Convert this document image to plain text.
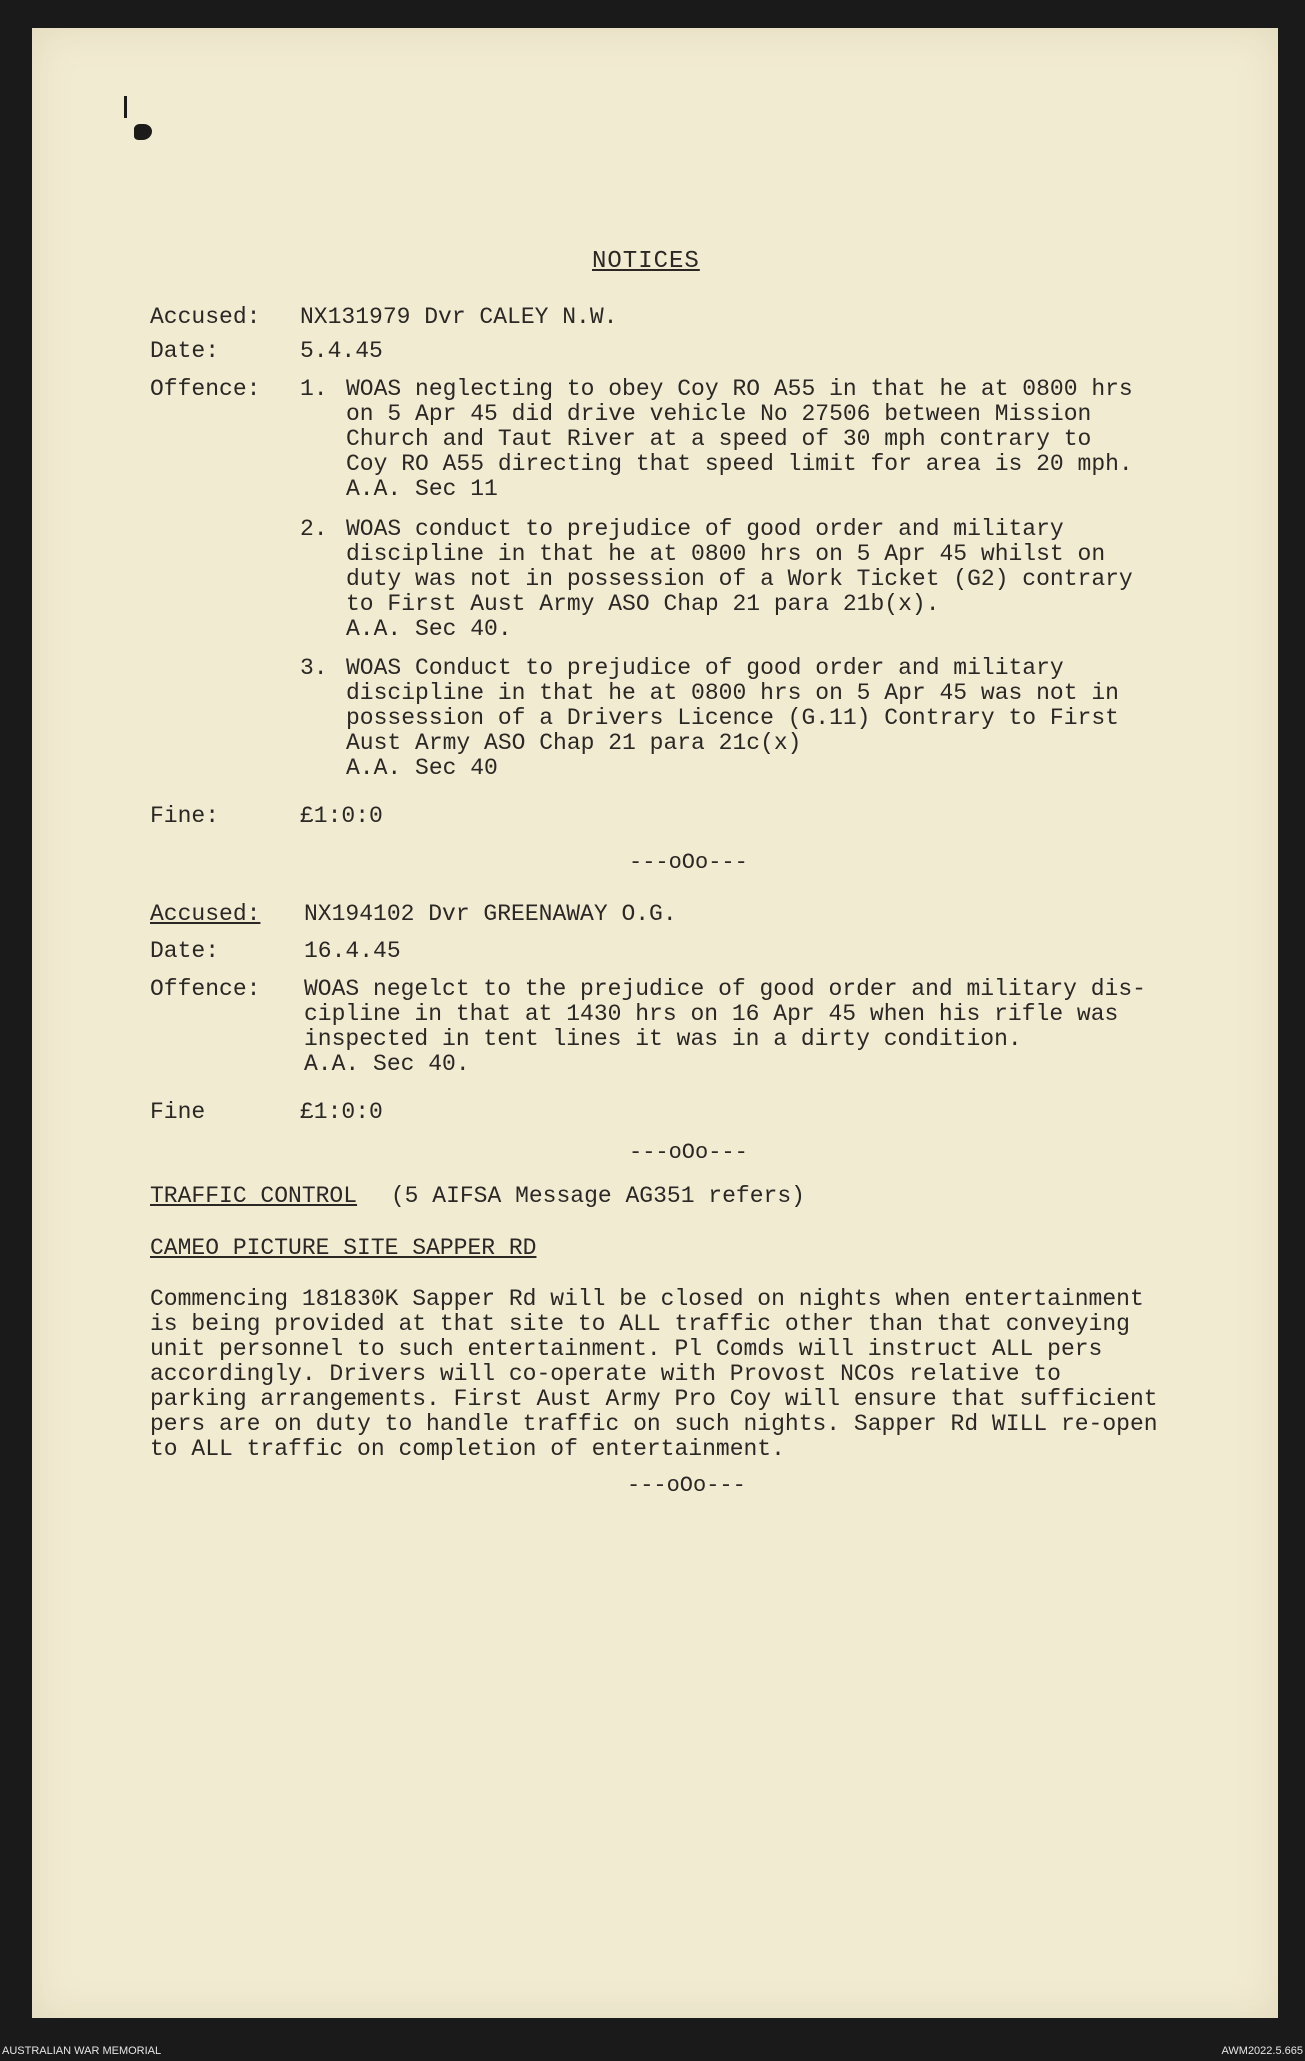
NOTICES
Accused: NX131979 Dvr CALEY N.W.
Date:	5.4.45
Offence: 1. WOAS neglecting to obey Coy RO A55 in that he at 0800 hrs
on 5 Apr 45 did drive vehicle No 27506 between Mission
Church and Taut River at a speed of 30 mph contrary to
Coy RO A55 directing that speed limit for area is 20 mph.
A.A. Sec 11
2. WOAS conduct to prejudice of good order and military
discipline in that he at 0800 hrs on 5 Apr 45 whilst on
duty was not in possession of a Work Ticket (G2) contrary
to First Aust Army ASO Chap 21 para 21b(x).
A.A. Sec 40.
3. WOAS Conduct to prejudice of good order and military
discipline in that he at 0800 hrs on 5 Apr 45 was not in
possession of a Drivers Licence (G.11) Contrary to First
Aust Army ASO Chap 21 para 21c(x)
A.A. Sec 40
Fine:	£1:0:0
---oOo---
Accused: NX194102 Dvr GREENAWAY O.G.
Date:	16.4.45
Offence: WOAS negelct to the prejudice of good order and military dis-
cipline in that at 1430 hrs on 16 Apr 45 when his rifle was
inspected in tent lines it was in a dirty condition.
A.A. Sec 40.
Fine	£1:0:0
---oOo---
TRAFFIC CONTROL (5 AIFSA Message AG351 refers)
CAMEO PICTURE SITE SAPPER RD
Commencing 181830K Sapper Rd will be closed on nights when entertainment
is being provided at that site to ALL traffic other than that conveying
unit personnel to such entertainment. Pl Comds will instruct ALL pers
accordingly. Drivers will co-operate with Provost NCOs relative to
parking arrangements. First Aust Army Pro Coy will ensure that sufficient
pers are on duty to handle traffic on such nights. Sapper Rd WILL re-open
to ALL traffic on completion of entertainment.
---oOo---
AUSTRALIAN WAR MEMORIAL	AWM2022.5.665
